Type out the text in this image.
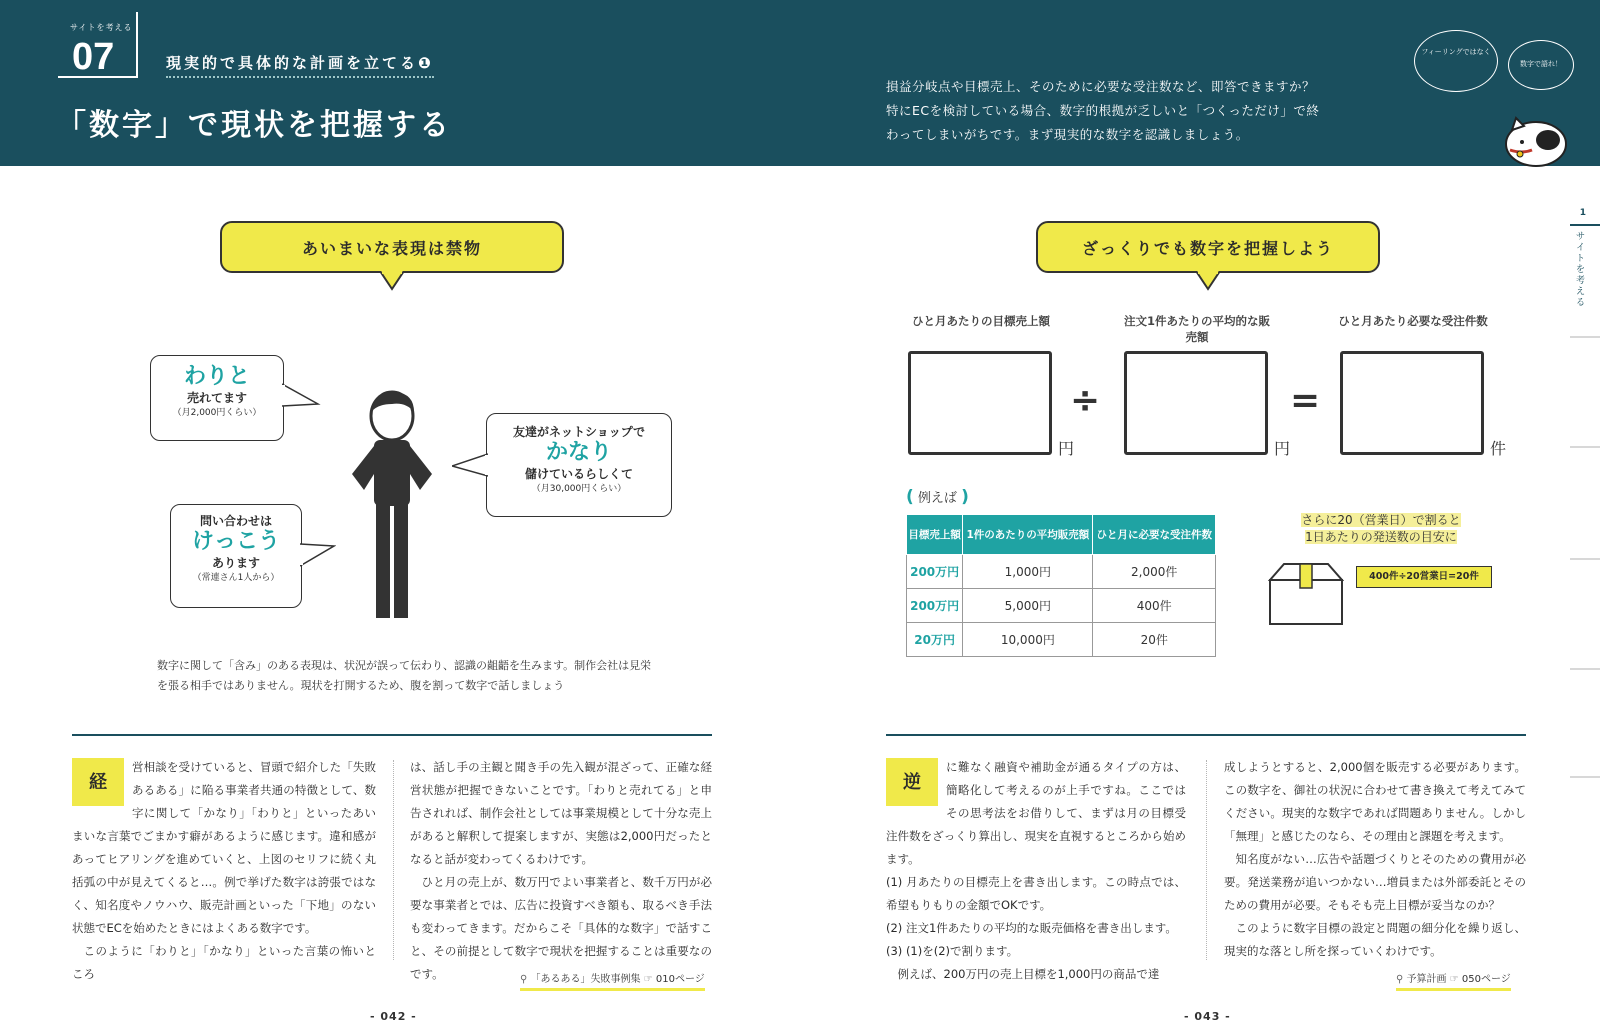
サイトを考える
07	現実的で具体的な計画を立てる❶
「数字」で現状を把握する
損益分岐点や目標売上、そのために必要な受注数など、即答できますか？　特にECを検討している場合、数字的根拠が乏しいと「つくっただけ」で終わってしまいがちです。まず現実的な数字を認識しましょう。
フィーリングではなく
数字で語れ！
1
サイトを考える
あいまいな表現は禁物
わりと
売れてます
（月2,000円くらい）
友達がネットショップで
かなり
儲けているらしくて
（月30,000円くらい）
問い合わせは
けっこう
あります
（常連さん1人から）
数字に関して「含み」のある表現は、状況が誤って伝わり、認識の齟齬を生みます。制作会社は見栄を張る相手ではありません。現状を打開するため、腹を割って数字で話しましょう
ざっくりでも数字を把握しよう
ひと月あたりの目標売上額	注文1件あたりの平均的な販売額
ひと月あたり必要な受注件数
円
÷
円
=
件
( 例えば )
目標売上額	1件のあたりの平均販売額	ひと月に必要な受注件数
200万円	1,000円	2,000件
200万円	5,000円	400件
20万円	10,000円	20件
さらに20（営業日）で割ると
1日あたりの発送数の目安に
400件÷20営業日=20件
経

営相談を受けていると、冒頭で紹介した「失敗あるある」に陥る事業者共通の特徴として、数字に関して「かなり」「わりと」といったあいまいな言葉でごまかす癖があるように感じます。違和感があってヒアリングを進めていくと、上図のセリフに続く丸括弧の中が見えてくると…。例で挙げた数字は誇張ではなく、知名度やノウハウ、販売計画といった「下地」のない状態でECを始めたときにはよくある数字です。

このように「わりと」「かなり」といった言葉の怖いところ

は、話し手の主観と聞き手の先入観が混ざって、正確な経営状態が把握できないことです。「わりと売れてる」と申告されれば、制作会社としては事業規模として十分な売上があると解釈して提案しますが、実態は2,000円だったとなると話が変わってくるわけです。

ひと月の売上が、数万円でよい事業者と、数千万円が必要な事業者とでは、広告に投資すべき額も、取るべき手法も変わってきます。だからこそ「具体的な数字」で話すこと、その前提として数字で現状を把握することは重要なのです。

逆

に難なく融資や補助金が通るタイプの方は、簡略化して考えるのが上手ですね。ここではその思考法をお借りして、まずは月の目標受注件数をざっくり算出し、現実を直視するところから始めます。

(1) 月あたりの目標売上を書き出します。この時点では、希望もりもりの金額でOKです。

(2) 注文1件あたりの平均的な販売価格を書き出します。

(3) (1)を(2)で割ります。

例えば、200万円の売上目標を1,000円の商品で達

成しようとすると、2,000個を販売する必要があります。この数字を、御社の状況に合わせて書き換えて考えてみてください。現実的な数字であれば問題ありません。しかし「無理」と感じたのなら、その理由と課題を考えます。

知名度がない…広告や話題づくりとそのための費用が必要。発送業務が追いつかない…増員または外部委託とそのための費用が必要。そもそも売上目標が妥当なのか？

このように数字目標の設定と問題の細分化を繰り返し、現実的な落とし所を探っていくわけです。

⚲ 「あるある」失敗事例集 ☞ 010ページ	⚲ 予算計画 ☞ 050ページ
- 042 -	- 043 -
